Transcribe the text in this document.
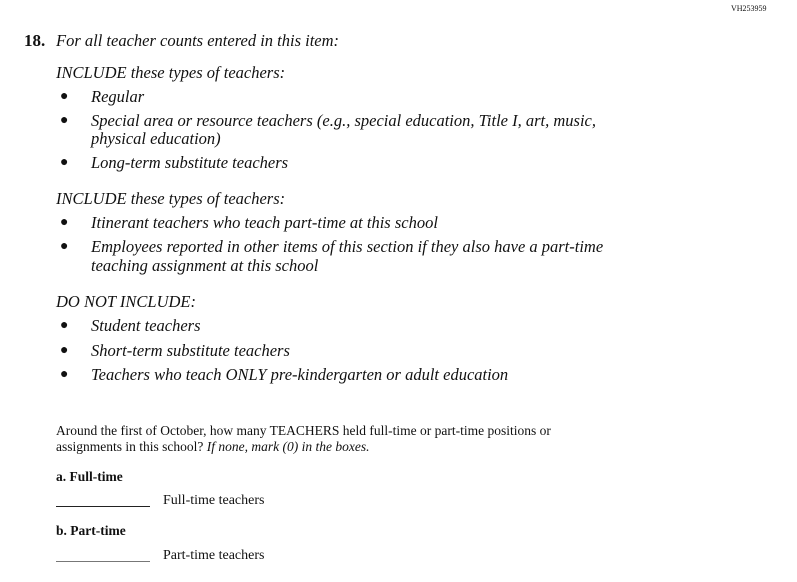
VH253959
18. For all teacher counts entered in this item:
INCLUDE these types of teachers:
● Regular
● Special area or resource teachers (e.g., special education, Title I, art, music,
physical education)
● Long-term substitute teachers
INCLUDE these types of teachers:
● Itinerant teachers who teach part-time at this school
● Employees reported in other items of this section if they also have a part-time
teaching assignment at this school
DO NOT INCLUDE:
● Student teachers
● Short-term substitute teachers
● Teachers who teach ONLY pre-kindergarten or adult education
Around the first of October, how many TEACHERS held full-time or part-time positions or
assignments in this school? If none, mark (0) in the boxes.
a. Full-time
Full-time teachers
b. Part-time
Part-time teachers
